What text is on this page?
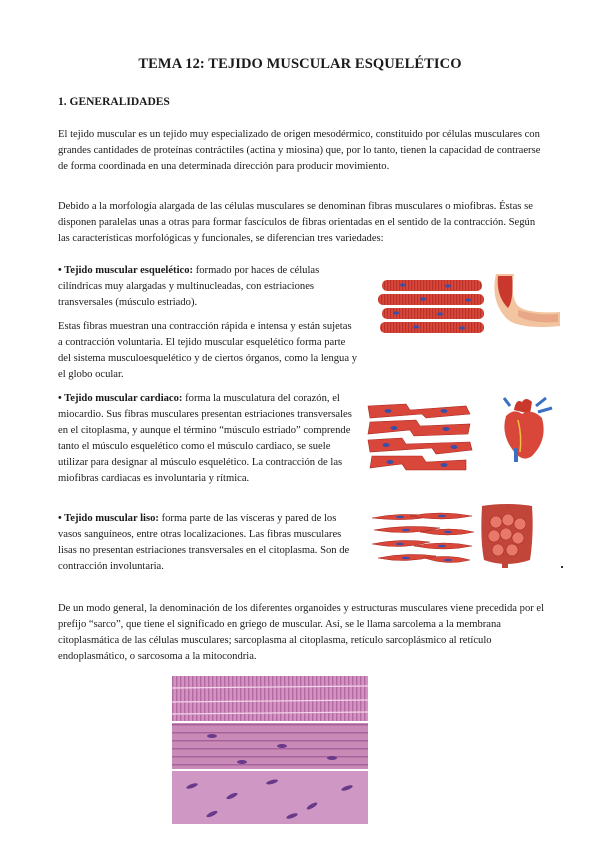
TEMA 12: TEJIDO MUSCULAR ESQUELÉTICO
1. GENERALIDADES

El tejido muscular es un tejido muy especializado de origen mesodérmico, constituido por células musculares con grandes cantidades de proteínas contráctiles (actina y miosina) que, por lo tanto, tienen la capacidad de contraerse de forma coordinada en una determinada dirección para producir movimiento.

Debido a la morfología alargada de las células musculares se denominan fibras musculares o miofibras. Éstas se disponen paralelas unas a otras para formar fascículos de fibras orientadas en el sentido de la contracción. Según las características morfológicas y funcionales, se diferencian tres variedades:

• Tejido muscular esquelético: formado por haces de células cilíndricas muy alargadas y multinucleadas, con estriaciones transversales (músculo estriado).

Estas fibras muestran una contracción rápida e intensa y están sujetas a contracción voluntaria. El tejido muscular esquelético forma parte del sistema musculoesquelético y de ciertos órganos, como la lengua y el globo ocular.

• Tejido muscular cardiaco: forma la musculatura del corazón, el miocardio. Sus fibras musculares presentan estriaciones transversales en el citoplasma, y aunque el término “músculo estriado” comprende tanto el músculo esquelético como el músculo cardiaco, se suele utilizar para designar al músculo esquelético. La contracción de las miofibras cardiacas es involuntaria y rítmica.

• Tejido muscular liso: forma parte de las vísceras y pared de los vasos sanguíneos, entre otras localizaciones. Las fibras musculares lisas no presentan estriaciones transversales en el citoplasma. Son de contracción involuntaria.

De un modo general, la denominación de los diferentes organoides y estructuras musculares viene precedida por el prefijo “sarco”, que tiene el significado en griego de muscular. Así, se le llama sarcolema a la membrana citoplasmática de las células musculares; sarcoplasma al citoplasma, retículo sarcoplásmico al retículo endoplasmático, o sarcosoma a la mitocondria.
